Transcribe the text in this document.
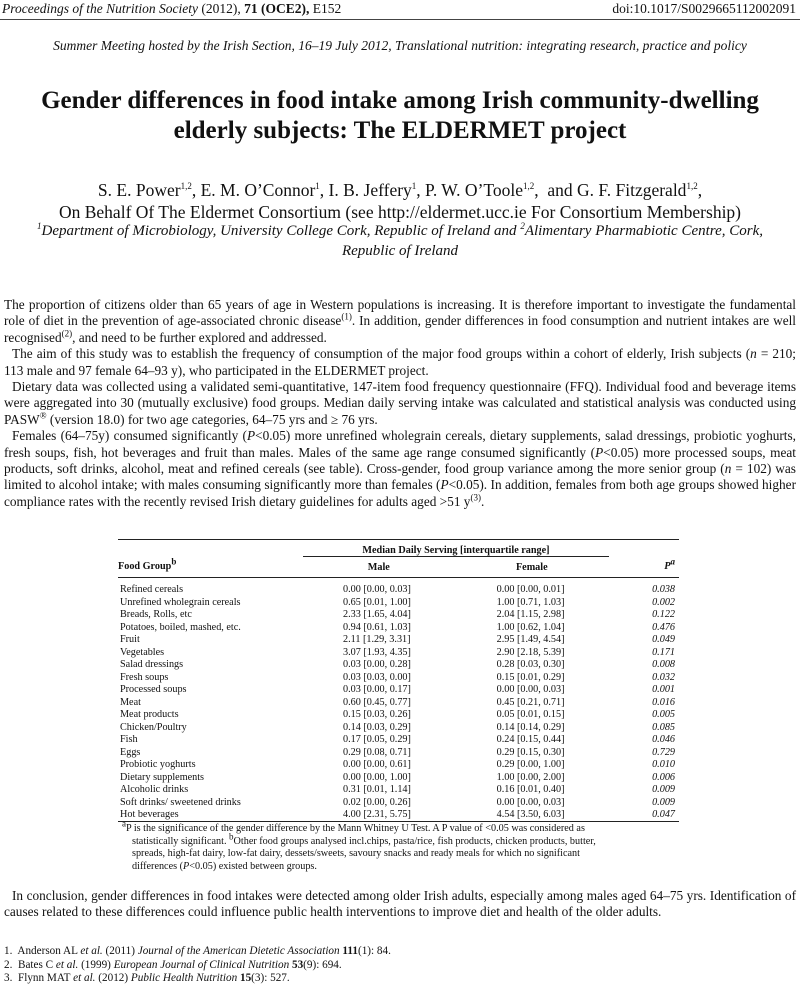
Proceedings of the Nutrition Society (2012), 71 (OCE2), E152	doi:10.1017/S0029665112002091
Summer Meeting hosted by the Irish Section, 16–19 July 2012, Translational nutrition: integrating research, practice and policy
Gender differences in food intake among Irish community-dwelling
elderly subjects: The ELDERMET project
S. E. Power$^{1,2}$, E. M. O’Connor$^1$, I. B. Jeffery$^1$, P. W. O’Toole$^{1,2}$,  and G. F. Fitzgerald$^{1,2}$,
On Behalf Of The Eldermet Consortium (see http://eldermet.ucc.ie For Consortium Membership)
$^1$Department of Microbiology, University College Cork, Republic of Ireland and $^2$Alimentary Pharmabiotic Centre, Cork,
Republic of Ireland

The proportion of citizens older than 65 years of age in Western populations is increasing. It is therefore important to investigate the fundamental role of diet in the prevention of age-associated chronic disease$^{(1)}$. In addition, gender differences in food consumption and nutrient intakes are well recognised$^{(2)}$, and need to be further explored and addressed.

The aim of this study was to establish the frequency of consumption of the major food groups within a cohort of elderly, Irish subjects (n = 210; 113 male and 97 female 64–93 y), who participated in the ELDERMET project.

Dietary data was collected using a validated semi-quantitative, 147-item food frequency questionnaire (FFQ). Individual food and beverage items were aggregated into 30 (mutually exclusive) food groups. Median daily serving intake was calculated and statistical analysis was conducted using PASW® (version 18.0) for two age categories, 64–75 yrs and ≥ 76 yrs.

Females (64–75y) consumed significantly (P<0.05) more unrefined wholegrain cereals, dietary supplements, salad dressings, probiotic yoghurts, fresh soups, fish, hot beverages and fruit than males. Males of the same age range consumed significantly (P<0.05) more processed soups, meat products, soft drinks, alcohol, meat and refined cereals (see table). Cross-gender, food group variance among the more senior group (n = 102) was limited to alcohol intake; with males consuming significantly more than females (P<0.05). In addition, females from both age groups showed higher compliance rates with the recently revised Irish dietary guidelines for adults aged >51 $y^{(3)}$.

	Median Daily Serving [interquartile range]		
Food Group$^b$	Male	Female	$P^a$
Refined cereals	0.00 [0.00, 0.03]	0.00 [0.00, 0.01]	0.038
Unrefined wholegrain cereals	0.65 [0.01, 1.00]	1.00 [0.71, 1.03]	0.002
Breads, Rolls, etc	2.33 [1.65, 4.04]	2.04 [1.15, 2.98]	0.122
Potatoes, boiled, mashed, etc.	0.94 [0.61, 1.03]	1.00 [0.62, 1.04]	0.476
Fruit	2.11 [1.29, 3.31]	2.95 [1.49, 4.54]	0.049
Vegetables	3.07 [1.93, 4.35]	2.90 [2.18, 5.39]	0.171
Salad dressings	0.03 [0.00, 0.28]	0.28 [0.03, 0.30]	0.008
Fresh soups	0.03 [0.03, 0.00]	0.15 [0.01, 0.29]	0.032
Processed soups	0.03 [0.00, 0.17]	0.00 [0.00, 0.03]	0.001
Meat	0.60 [0.45, 0.77]	0.45 [0.21, 0.71]	0.016
Meat products	0.15 [0.03, 0.26]	0.05 [0.01, 0.15]	0.005
Chicken/Poultry	0.14 [0.03, 0.29]	0.14 [0.14, 0.29]	0.085
Fish	0.17 [0.05, 0.29]	0.24 [0.15, 0.44]	0.046
Eggs	0.29 [0.08, 0.71]	0.29 [0.15, 0.30]	0.729
Probiotic yoghurts	0.00 [0.00, 0.61]	0.29 [0.00, 1.00]	0.010
Dietary supplements	0.00 [0.00, 1.00]	1.00 [0.00, 2.00]	0.006
Alcoholic drinks	0.31 [0.01, 1.14]	0.16 [0.01, 0.40]	0.009
Soft drinks/ sweetened drinks	0.02 [0.00, 0.26]	0.00 [0.00, 0.03]	0.009
Hot beverages	4.00 [2.31, 5.75]	4.54 [3.50, 6.03]	0.047
$^a$P is the significance of the gender difference by the Mann Whitney U Test. A P value of <0.05 was considered as
statistically significant. $^b$Other food groups analysed incl.chips, pasta/rice, fish products, chicken products, butter,
spreads, high-fat dairy, low-fat dairy, dessets/sweets, savoury snacks and ready meals for which no significant
differences (P<0.05) existed between groups.
In conclusion, gender differences in food intakes were detected among older Irish adults, especially among males aged 64–75 yrs. Identification of causes related to these differences could influence public health interventions to improve diet and health of the older adults.
1. Anderson AL et al. (2011) Journal of the American Dietetic Association 111(1): 84.
2. Bates C et al. (1999) European Journal of Clinical Nutrition 53(9): 694.
3. Flynn MAT et al. (2012) Public Health Nutrition 15(3): 527.
